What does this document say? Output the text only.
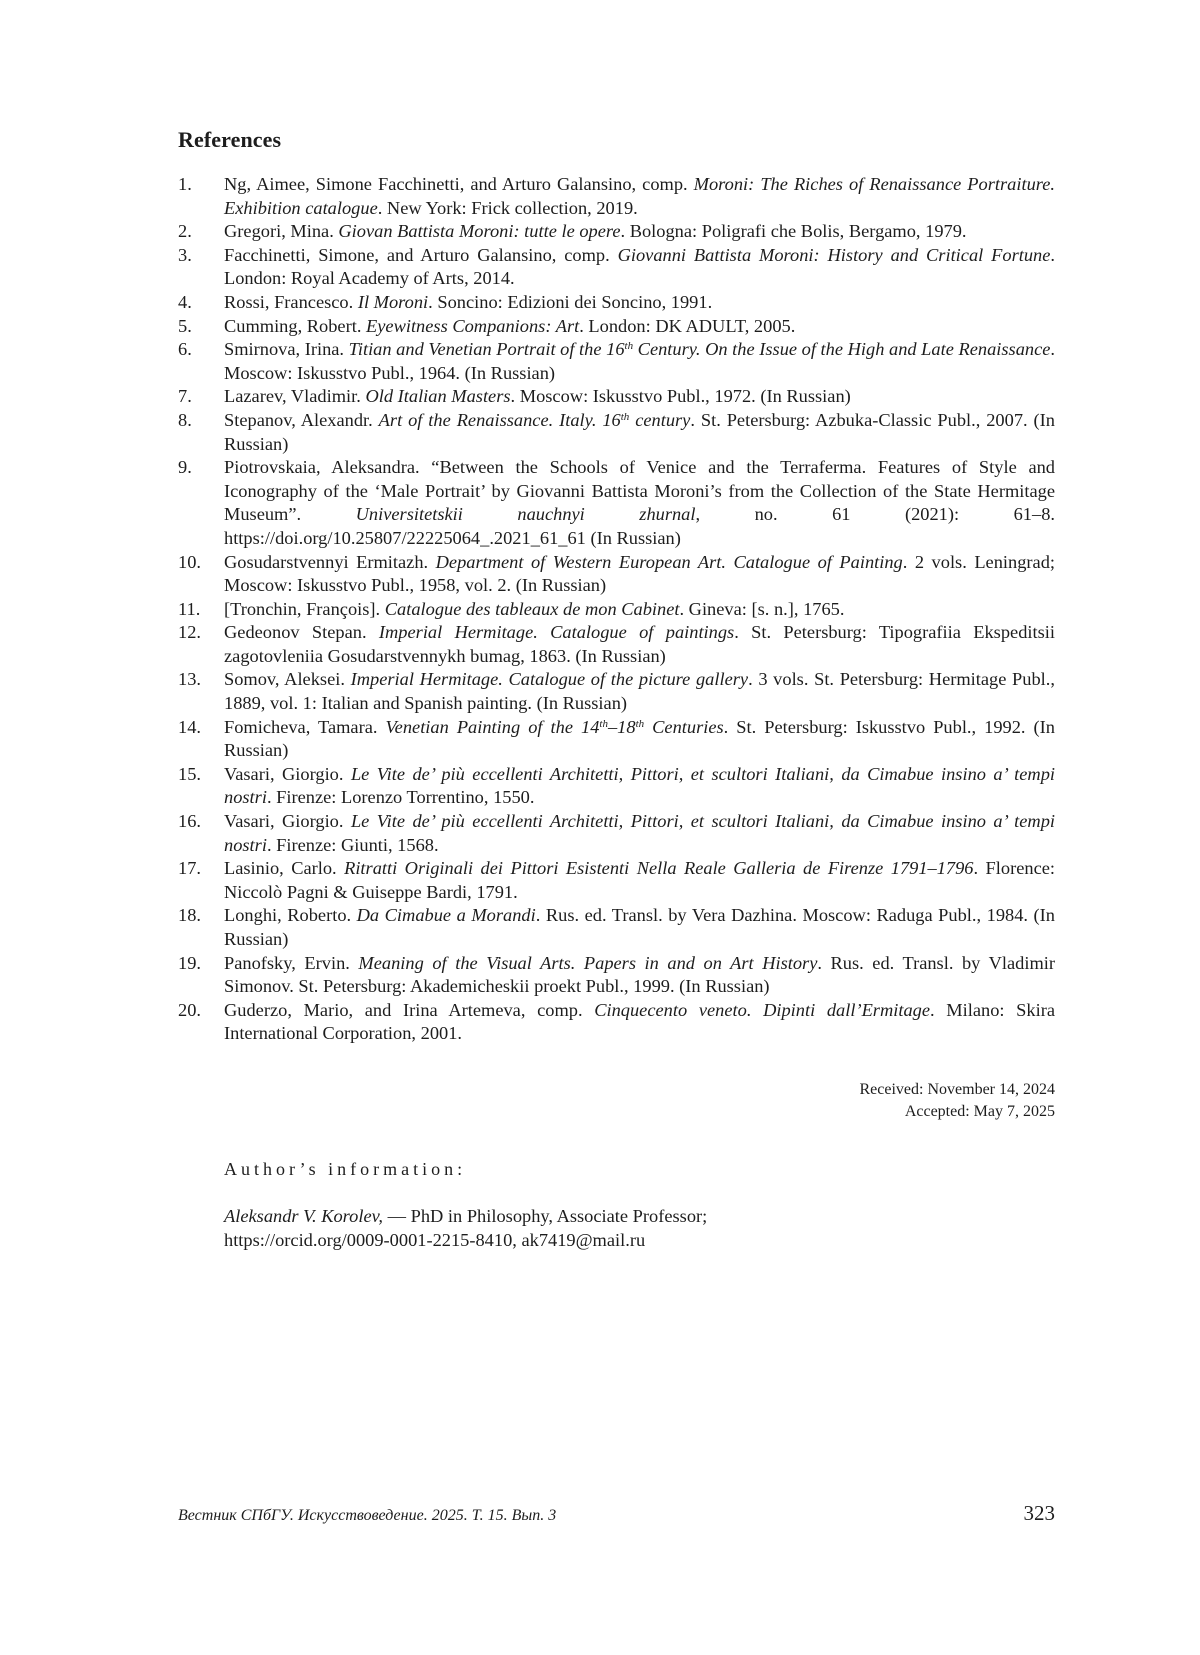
References
1.	Ng, Aimee, Simone Facchinetti, and Arturo Galansino, comp. Moroni: The Riches of Renaissance Portraiture. Exhibition catalogue. New York: Frick collection, 2019.
2.	Gregori, Mina. Giovan Battista Moroni: tutte le opere. Bologna: Poligrafi che Bolis, Bergamo, 1979.
3.	Facchinetti, Simone, and Arturo Galansino, comp. Giovanni Battista Moroni: History and Critical Fortune. London: Royal Academy of Arts, 2014.
4.	Rossi, Francesco. Il Moroni. Soncino: Edizioni dei Soncino, 1991.
5.	Cumming, Robert. Eyewitness Companions: Art. London: DK ADULT, 2005.
6.	Smirnova, Irina. Titian and Venetian Portrait of the 16th Century. On the Issue of the High and Late Renaissance. Moscow: Iskusstvo Publ., 1964. (In Russian)
7.	Lazarev, Vladimir. Old Italian Masters. Moscow: Iskusstvo Publ., 1972. (In Russian)
8.	Stepanov, Alexandr. Art of the Renaissance. Italy. 16th century. St. Petersburg: Azbuka-Classic Publ., 2007. (In Russian)
9.	Piotrovskaia, Aleksandra. “Between the Schools of Venice and the Terraferma. Features of Style and Iconography of the ‘Male Portrait’ by Giovanni Battista Moroni’s from the Collection of the State Hermitage Museum”. Universitetskii nauchnyi zhurnal, no. 61 (2021): 61–8. https://doi.org/10.25807/22225064_.2021_61_61 (In Russian)
10.	Gosudarstvennyi Ermitazh. Department of Western European Art. Catalogue of Painting. 2 vols. Leningrad; Moscow: Iskusstvo Publ., 1958, vol. 2. (In Russian)
11.	[Tronchin, François]. Catalogue des tableaux de mon Cabinet. Gineva: [s. n.], 1765.
12.	Gedeonov Stepan. Imperial Hermitage. Catalogue of paintings. St. Petersburg: Tipografiia Ekspeditsii zagotovleniia Gosudarstvennykh bumag, 1863. (In Russian)
13.	Somov, Aleksei. Imperial Hermitage. Catalogue of the picture gallery. 3 vols. St. Petersburg: Hermitage Publ., 1889, vol. 1: Italian and Spanish painting. (In Russian)
14.	Fomicheva, Tamara. Venetian Painting of the 14th–18th Centuries. St. Petersburg: Iskusstvo Publ., 1992. (In Russian)
15.	Vasari, Giorgio. Le Vite de’ più eccellenti Architetti, Pittori, et scultori Italiani, da Cimabue insino a’ tempi nostri. Firenze: Lorenzo Torrentino, 1550.
16.	Vasari, Giorgio. Le Vite de’ più eccellenti Architetti, Pittori, et scultori Italiani, da Cimabue insino a’ tempi nostri. Firenze: Giunti, 1568.
17.	Lasinio, Carlo. Ritratti Originali dei Pittori Esistenti Nella Reale Galleria de Firenze 1791–1796. Florence: Niccolò Pagni & Guiseppe Bardi, 1791.
18.	Longhi, Roberto. Da Cimabue a Morandi. Rus. ed. Transl. by Vera Dazhina. Moscow: Raduga Publ., 1984. (In Russian)
19.	Panofsky, Ervin. Meaning of the Visual Arts. Papers in and on Art History. Rus. ed. Transl. by Vladimir Simonov. St. Petersburg: Akademicheskii proekt Publ., 1999. (In Russian)
20.	Guderzo, Mario, and Irina Artemeva, comp. Cinquecento veneto. Dipinti dall’Ermitage. Milano: Skira International Corporation, 2001.
Received: November 14, 2024
Accepted: May 7, 2025
Author’s information:
Aleksandr V. Korolev, — PhD in Philosophy, Associate Professor;
https://orcid.org/0009-0001-2215-8410, ak7419@mail.ru
Вестник СПбГУ. Искусствоведение. 2025. Т. 15. Вып. 3	323
